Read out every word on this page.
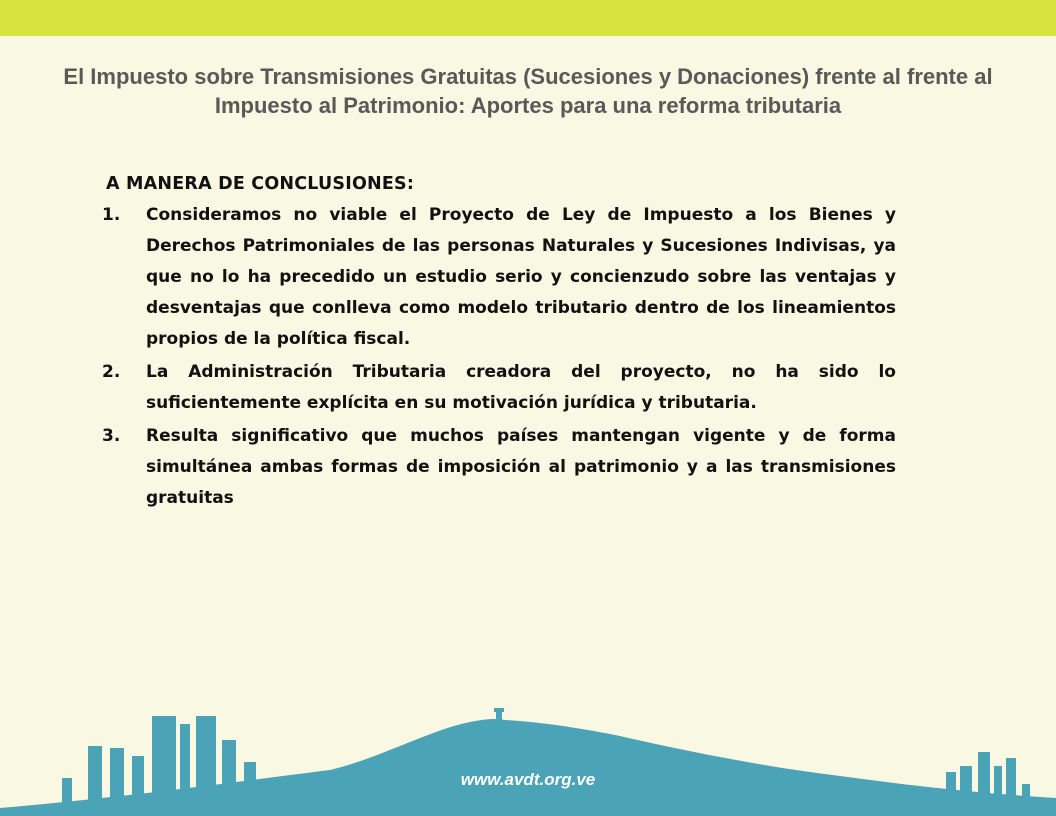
El Impuesto sobre Transmisiones Gratuitas (Sucesiones y Donaciones) frente al frente al Impuesto al Patrimonio: Aportes para una reforma tributaria

A MANERA DE CONCLUSIONES:

1. Consideramos no viable el Proyecto de Ley de Impuesto a los Bienes y Derechos Patrimoniales de las personas Naturales y Sucesiones Indivisas, ya que no lo ha precedido un estudio serio y concienzudo sobre las ventajas y desventajas que conlleva como modelo tributario dentro de los lineamientos propios de la política fiscal.
2. La Administración Tributaria creadora del proyecto, no ha sido lo suficientemente explícita en su motivación jurídica y tributaria.
3. Resulta significativo que muchos países mantengan vigente y de forma simultánea ambas formas de imposición al patrimonio y a las transmisiones gratuitas

www.avdt.org.ve
